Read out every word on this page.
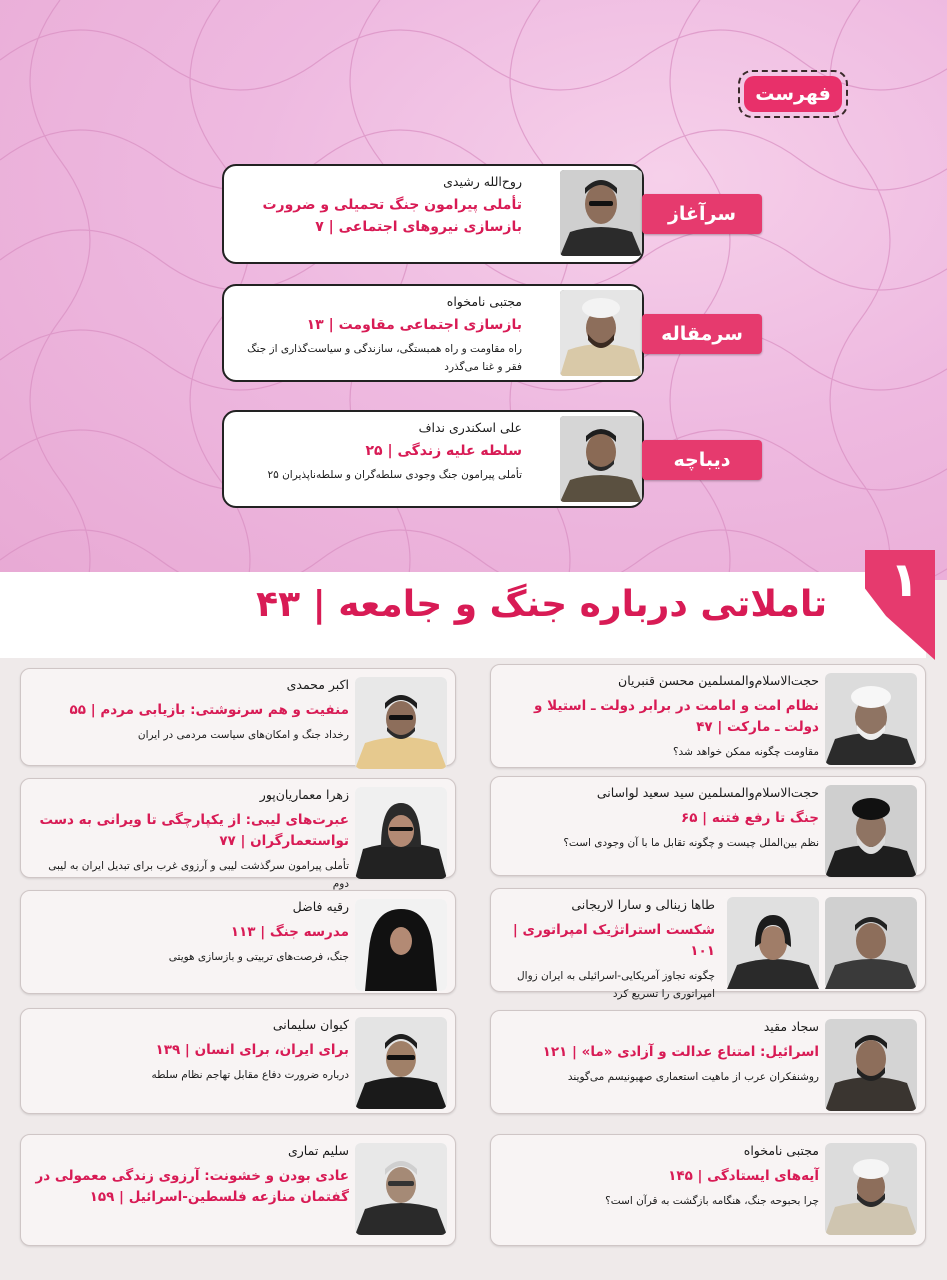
فهرست
روح‌الله رشیدی
تأملی پیرامون جنگ تحمیلی و ضرورت بازسازی نیروهای اجتماعی | ۷
سرآغاز
مجتبی نامخواه
بازسازی اجتماعی مقاومت | ۱۳
راه مقاومت و راه همبستگی، سازندگی و سیاست‌گذاری از جنگ فقر و غنا می‌گذرد
سرمقاله
علی اسکندری نداف
سلطه علیه زندگی | ۲۵
تأملی پیرامون جنگ وجودی سلطه‌گران و سلطه‌ناپذیران ۲۵
دیباچه
۱
تاملاتی درباره جنگ و جامعه | ۴۳
حجت‌الاسلام‌والمسلمین محسن قنبریان
نظام امت و امامت در برابر دولت ـ استیلا و دولت ـ مارکت | ۴۷
مقاومت چگونه ممکن خواهد شد؟
حجت‌الاسلام‌والمسلمین سید سعید لواسانی
جنگ تا رفع فتنه | ۶۵
نظم بین‌الملل چیست و چگونه تقابل ما با آن وجودی است؟
طاها زینالی و سارا لاریجانی
شکست استراتژیک امپراتوری | ۱۰۱
چگونه تجاوز آمریکایی-اسرائیلی به ایران زوال امپراتوری را تسریع کرد
سجاد مقید
اسرائیل: امتناع عدالت و آزادی «ما» | ۱۲۱
روشنفکران عرب از ماهیت استعماری صهیونیسم می‌گویند
مجتبی نامخواه
آیه‌های ایستادگی | ۱۴۵
چرا بحبوحه جنگ، هنگامه بازگشت به قرآن است؟
اکبر محمدی
منفیت و هم سرنوشتی: بازیابی مردم | ۵۵
رخداد جنگ و امکان‌های سیاست مردمی در ایران
زهرا معماریان‌پور
عبرت‌های لیبی: از یکپارچگی تا ویرانی به دست تواستعمارگران | ۷۷
تأملی پیرامون سرگذشت لیبی و آرزوی غرب برای تبدیل ایران به لیبی دوم
رقیه فاضل
مدرسه جنگ | ۱۱۳
جنگ، فرصت‌های تربیتی و بازسازی هویتی
کیوان سلیمانی
برای ایران، برای انسان | ۱۳۹
درباره ضرورت دفاع مقابل تهاجم نظام سلطه
سلیم تماری
عادی بودن و خشونت: آرزوی زندگی معمولی در گفتمان منازعه فلسطین-اسرائیل | ۱۵۹
